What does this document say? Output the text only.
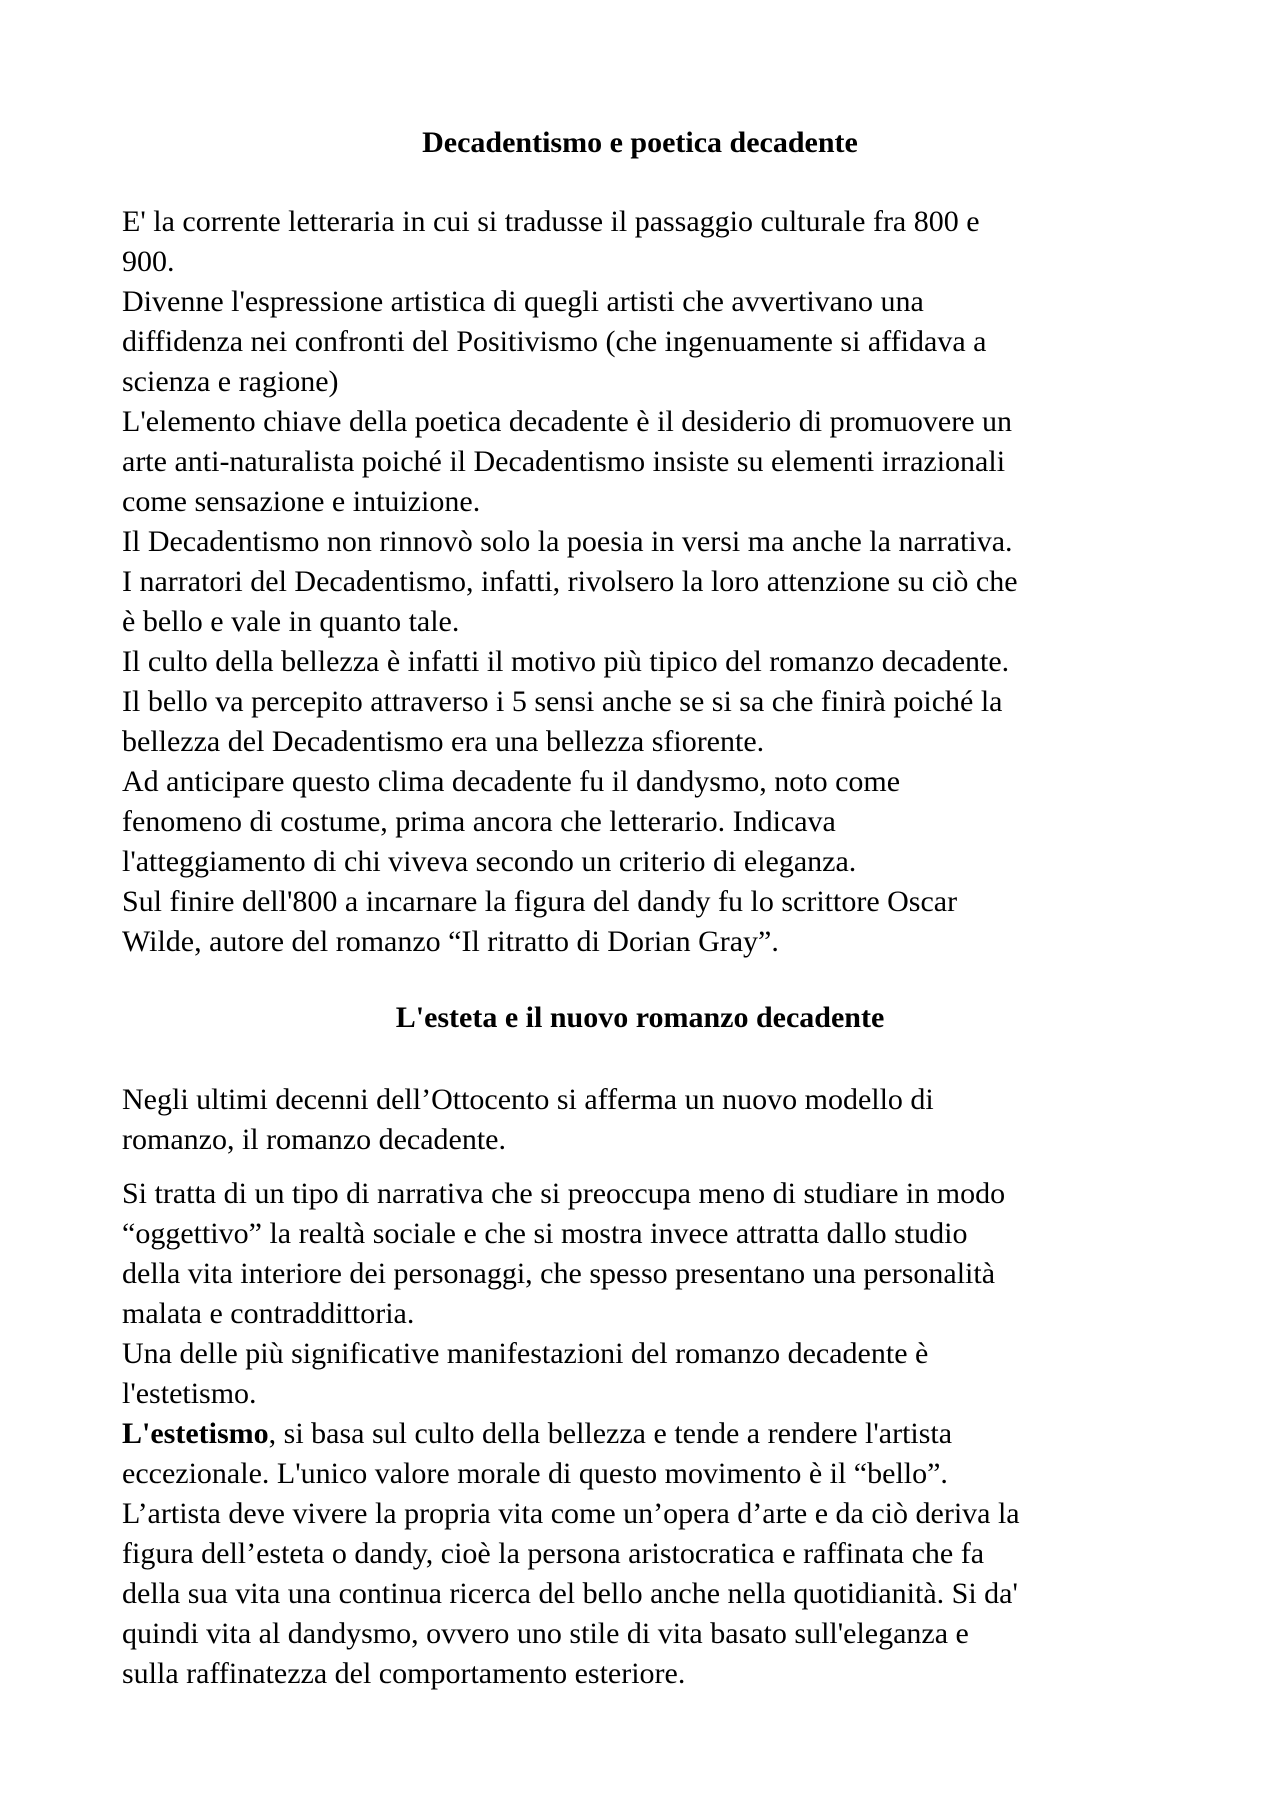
Decadentismo e poetica decadente
E' la corrente letteraria in cui si tradusse il passaggio culturale fra 800 e
900.
Divenne l'espressione artistica di quegli artisti che avvertivano una
diffidenza nei confronti del Positivismo (che ingenuamente si affidava a
scienza e ragione)
L'elemento chiave della poetica decadente è il desiderio di promuovere un
arte anti-naturalista poiché il Decadentismo insiste su elementi irrazionali
come sensazione e intuizione.
Il Decadentismo non rinnovò solo la poesia in versi ma anche la narrativa.
I narratori del Decadentismo, infatti, rivolsero la loro attenzione su ciò che
è bello e vale in quanto tale.
Il culto della bellezza è infatti il motivo più tipico del romanzo decadente.
Il bello va percepito attraverso i 5 sensi anche se si sa che finirà poiché la
bellezza del Decadentismo era una bellezza sfiorente.
Ad anticipare questo clima decadente fu il dandysmo, noto come
fenomeno di costume, prima ancora che letterario. Indicava
l'atteggiamento di chi viveva secondo un criterio di eleganza.
Sul finire dell'800 a incarnare la figura del dandy fu lo scrittore Oscar
Wilde, autore del romanzo “Il ritratto di Dorian Gray”.
L'esteta e il nuovo romanzo decadente
Negli ultimi decenni dell’Ottocento si afferma un nuovo modello di
romanzo, il romanzo decadente.
Si tratta di un tipo di narrativa che si preoccupa meno di studiare in modo
“oggettivo” la realtà sociale e che si mostra invece attratta dallo studio
della vita interiore dei personaggi, che spesso presentano una personalità
malata e contraddittoria.
Una delle più significative manifestazioni del romanzo decadente è
l'estetismo.
L'estetismo, si basa sul culto della bellezza e tende a rendere l'artista
eccezionale. L'unico valore morale di questo movimento è il “bello”.
L’artista deve vivere la propria vita come un’opera d’arte e da ciò deriva la
figura dell’esteta o dandy, cioè la persona aristocratica e raffinata che fa
della sua vita una continua ricerca del bello anche nella quotidianità. Si da'
quindi vita al dandysmo, ovvero uno stile di vita basato sull'eleganza e
sulla raffinatezza del comportamento esteriore.
